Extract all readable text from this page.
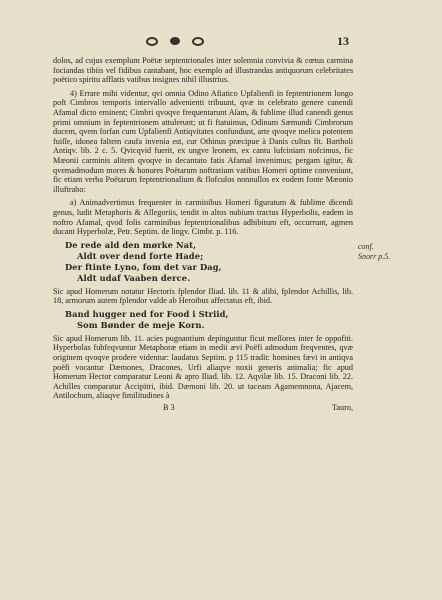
13

dolos, ad cujus exemplum Poëtæ septentrionales inter solemnia convivia & cœtus carmina fociandas tibiis vel fidibus cantabant, hoc exemplo ad illustrandas antiquorum celebritates poëtico spiritu afflatis vatibus insignes nihil illustrius.

4) Errare mihi videntur, qvi omnia Odino Afiatico Upfalienfi in feptentrionem longo poft Cimbros temporis intervallo advenienti tribuunt, qvæ in celebrato genere canendi Afamal dicto eminent; Cimbri qvoqve frequentarunt Aſam, & fublime illud canendi genus primi omnium in feptentrionem attulerunt; ut fi ftatuimus, Odinum Sæmundi Cimbrorum ducem, qvem forfan cum Upfalienfi Antiqvitates confundunt, arte qvoqve melica potentem fuiſſe, idonea faltem caufa invenia est, cur Othinus præcipue à Danis cultus fit. Bartholi Antiqv. lib. 2 c. 5. Qvicqvid fuerit, ex ungve leonem, ex cantu lufciniam nofcimus, fic Mæonii carminis alitem qvoqve in decantato fatis Afamal invenimus; pergam igitur, & qvemadmodum mores & honores Poëtarum noftratium vatibus Homeri optime conveniunt, fic etiam verba Poëtarum feptentrionalium & flofculos nonnullos ex eodem fonte Mæonio illuftrabo:

a) Animadvertimus frequenter in carminibus Homeri figuratum & fublime dicendi genus, ludit Metaphoris & Allegoriis, tendit in altos nubium tractus Hyperbolis, eadem in noftro Afamal, qvod folis carminibus feptentrionalibus adhibitum eft, occurrunt, agmen ducant Hyperbolæ, Petr. Septim. de lingv. Cimbr. p. 116.

De rede ald den mørke Nat,
Aldt over dend forte Hade;
Der ftinte Lyno, fom det var Dag,
Aldt udaf Vaaben derce.

Sic apud Homerum notatur Hectoris fplendor Iliad. lib. 11 & alibi, fplendor Achillis, lib. 18, armorum autem fplendor valde ab Heroibus affectatus eft, ibid.

Band hugger ned for Food i Striid,
Som Bønder de meje Korn.

Sic apud Homerum lib. 11. acies pugnantium depinguntur ficut meſſores inter fe oppofiti. Hyperbolas fubfeqvuntur Metaphoræ etiam in medii ævi Poëfi admodum freqventes, qvæ originem qvoqve prodere videntur: laudatus Septim. p 115 tradit: homines fævi in antiqva poëfi vocantur Dæmones, Dracones, Urfi aliaqve noxii generis animalia; fic apud Homerum Hector comparatur Leoni & apro Iliad. lib. 12. Aqvilæ lib. 15. Draconi lib. 22. Achilles comparatur Accipitri, ibid. Dæmoni lib. 20. ut taceam Agamemnona, Ajacem, Antilochum, aliaqve fimilitudines à

B 3	Tauro,
conf.
Snorr p.5.
